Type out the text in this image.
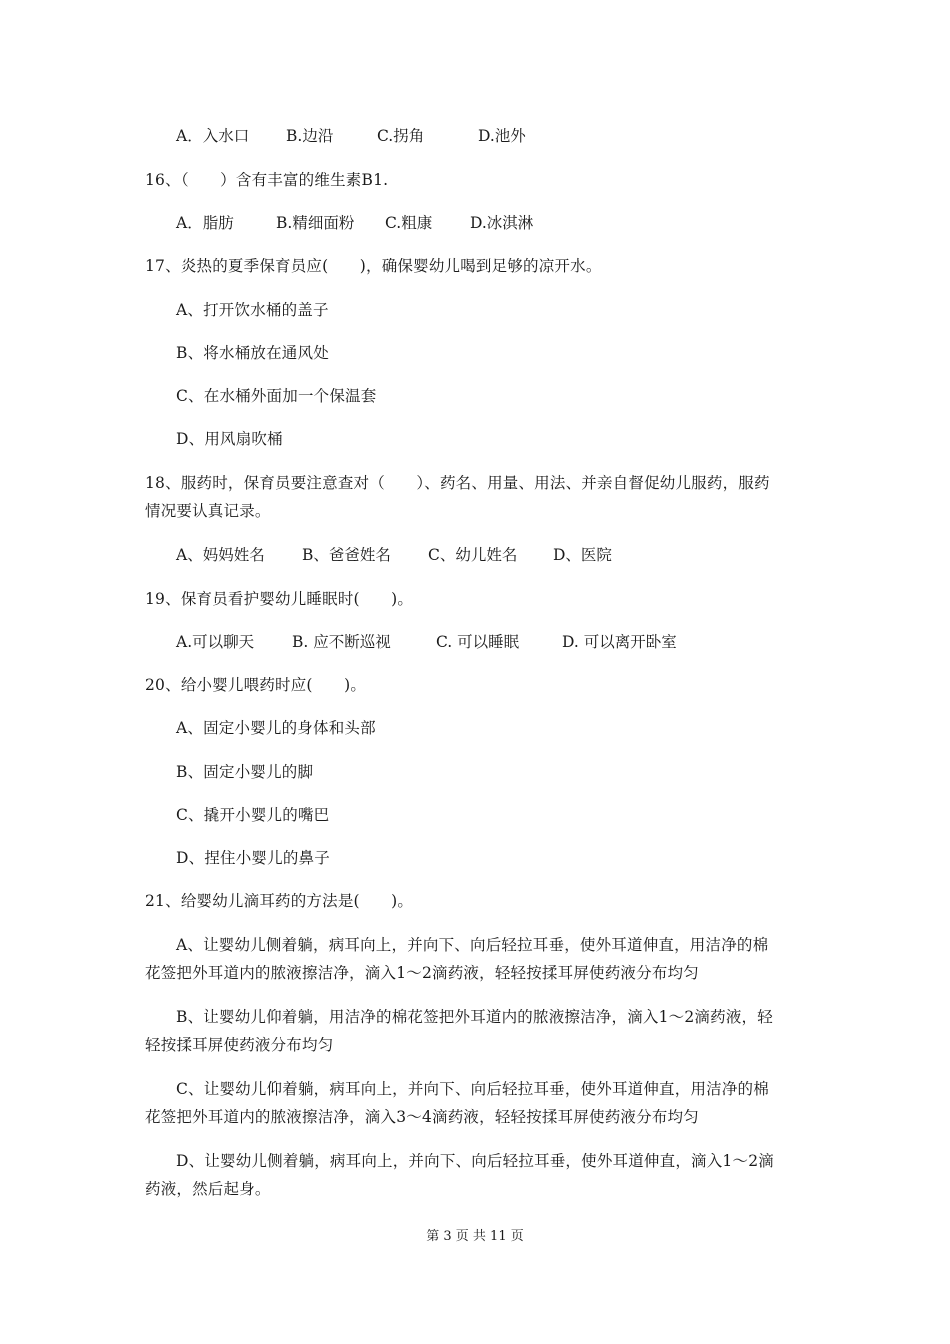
A．入水口 B.边沿	C.拐角	D.池外
16、（　　）含有丰富的维生素B1.
A．脂肪	B.精细面粉 C.粗康 D.冰淇淋
17、炎热的夏季保育员应(　　)，确保婴幼儿喝到足够的凉开水。
A、打开饮水桶的盖子
B、将水桶放在通风处
C、在水桶外面加一个保温套
D、用风扇吹桶
18、服药时，保育员要注意查对（　　）、药名、用量、用法、并亲自督促幼儿服药，服药
情况要认真记录。
A、妈妈姓名 B、爸爸姓名 C、幼儿姓名 D、医院
19、保育员看护婴幼儿睡眠时(　　)。
A.可以聊天 B. 应不断巡视	C. 可以睡眠	D. 可以离开卧室
20、给小婴儿喂药时应(　　)。
A、固定小婴儿的身体和头部
B、固定小婴儿的脚
C、撬开小婴儿的嘴巴
D、捏住小婴儿的鼻子
21、给婴幼儿滴耳药的方法是(　　)。
A、让婴幼儿侧着躺，病耳向上，并向下、向后轻拉耳垂，使外耳道伸直，用洁净的棉
花签把外耳道内的脓液擦洁净，滴入1～2滴药液，轻轻按揉耳屏使药液分布均匀
B、让婴幼儿仰着躺，用洁净的棉花签把外耳道内的脓液擦洁净，滴入1～2滴药液，轻
轻按揉耳屏使药液分布均匀
C、让婴幼儿仰着躺，病耳向上，并向下、向后轻拉耳垂，使外耳道伸直，用洁净的棉
花签把外耳道内的脓液擦洁净，滴入3～4滴药液，轻轻按揉耳屏使药液分布均匀
D、让婴幼儿侧着躺，病耳向上，并向下、向后轻拉耳垂，使外耳道伸直，滴入1～2滴
药液，然后起身。
第 3 页 共 11 页
